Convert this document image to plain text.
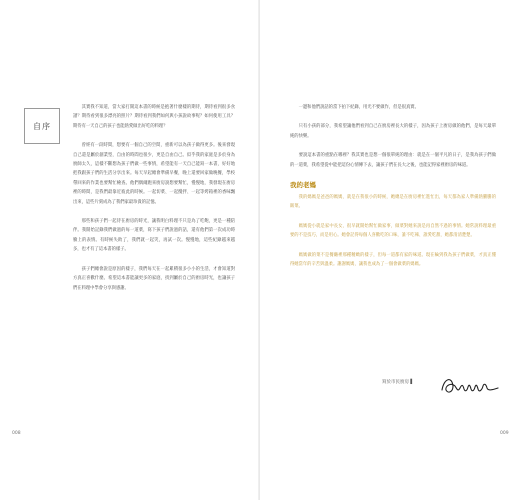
自序

其實我不知道，當大家打開這本書的時候是抱著什麼樣的期待，期待看到很多食譜？期待看到很多漂亮的照片？期待看到我們如何與小孩說故事呢？如何使用工具？期待有一天自己的孩子也能熱愛做出好吃的料理？

曾經有一段時間，想要有一個自己的空間，重新可以為孩子做得更多。後來發現自己還是屬於創業型，自由的時間也很少，更是自由自己。似乎我的家庭是多於身為廚師太久，這樣不斷想為孩子們做一些事情，希望能有一天自己能寫一本書，好好地把我跟孩子們的生活分享出來。每天早起總會準備早餐，晚上還要回家做晚餐，學校帶回來的作業也要幫忙檢查。他們偶爾跑來廚房說想要幫忙，慢慢地，我發現在廚房裡的時間，是我們最靠近彼此的時候。一起切菜、一起攪拌、一起等烤箱裡的香味飄出來，這些片刻成為了我們家最珍貴的記憶。

那些和孩子們一起待在廚房的時光，讓我明白料理不只是為了吃飽，更是一種陪伴。我開始記錄我們做過的每一道菜，寫下孩子們說過的話，還有他們第一次成功時臉上的表情。有時候失敗了，我們就一起笑，再試一次。慢慢地，這些紀錄越來越多，也才有了這本書的樣子。

孩子們總會說是原因的樣子，我們每天在一起累積很多小小的生活，才會知道對方真正喜歡什麼。希望這本書能讓更多的家庭，找到屬於自己的廚房時光，也讓孩子們在料理中學會分享與感謝。

008

一邊和他們說話的當下拍下紀錄，用光不要做作，但是很真實。

只有小孩的部分，我希望讓他們看到自己在廚房裡長大的樣子，因為孩子上廚房做的他們，是每天最單純的快樂。

要說這本書的重點在哪裡？我其實也是想一個很單純的理由：就是在一個平凡的日子，是我為孩子們做的一道菜，我希望從中能把這份心情傳下去，讓孩子們在長大之後，也能記得家裡廚房的味道。

我的老媽

我的媽媽是爸爸的媽媽，就是在我很小的時候，她總是在廚房裡忙進忙出，每天都為家人準備熱騰騰的飯菜。

媽媽從小就是家中長女，很早就開始幫忙做家事，做菜對她來說是再自然不過的事情。她常說料理最重要的不是技巧，而是用心。她會記得每個人喜歡吃的口味，誰不吃辣、誰愛吃甜，她都清清楚楚。

媽媽做的菜不是餐廳裡那種精緻的樣子，但每一道都有家的味道。現在輪到我為孩子們做菜，才真正懂得她當年的辛苦與溫柔。謝謝媽媽，讓我也成為了一個會做菜的媽媽。

寫於市民廚房 ▌
009
